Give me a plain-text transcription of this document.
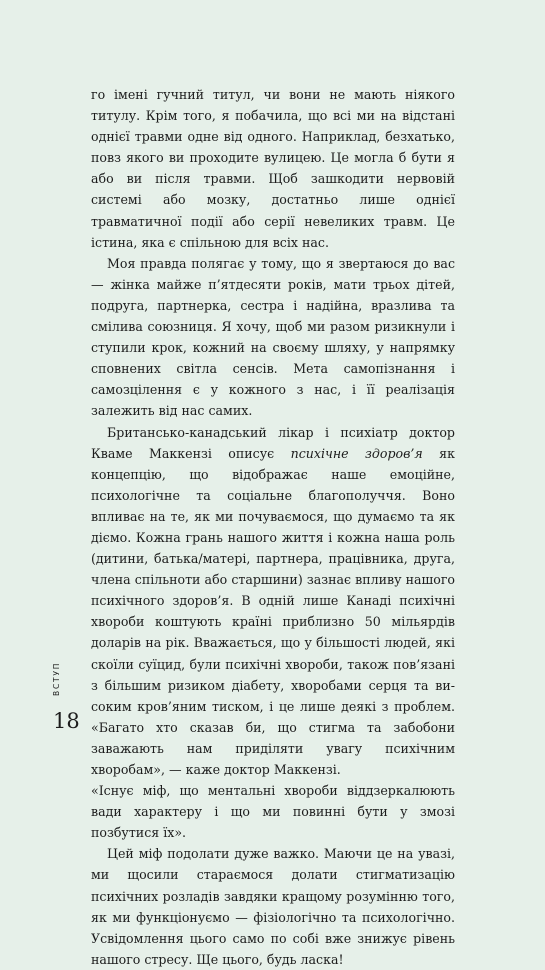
го імені гучний титул, чи вони не мають ніякого титулу. Крім того, я побачила, що всі ми на відстані однієї травми одне від одного. Наприклад, безхатько, повз якого ви проходите вулицею. Це могла б бути я або ви після травми. Щоб зашкодити нервовій системі або мозку, достатньо лише однієї травматичної події або серії невеликих травм. Це істина, яка є спільною для всіх нас.

Моя правда полягає у тому, що я звертаюся до вас — жінка майже п’ятдесяти років, мати трьох дітей, подруга, партнерка, сестра і надійна, вразлива та смілива союзниця. Я хочу, щоб ми разом ризикнули і ступили крок, кожний на своєму шляху, у напрямку сповнених світла сенсів. Мета самопізнання і самозцілення є у кожного з нас, і її реалізація залежить від нас самих.

Британсько-канадський лікар і психіатр доктор Кваме Маккензі описує психічне здоров’я як концепцію, що відображає наше емоційне, психологічне та соціальне благополуччя. Воно впливає на те, як ми почуваємося, що думаємо та як діємо. Кожна грань нашого життя і кожна наша роль (дитини, батька/матері, партнера, працівника, друга, члена спільноти або старшини) зазнає впливу нашого психічного здоров’я. В одній лише Канаді психічні хвороби коштують країні приблизно 50 мільярдів доларів на рік. Вважається, що у більшості людей, які скоїли суїцид, були психічні хвороби, також пов’язані з більшим ризиком діабету, хворобами серця та високим кров’яним тиском, і це лише деякі з проблем. «Багато хто сказав би, що стигма та забобони заважають нам приділяти увагу психічним хворобам», — каже доктор Маккензі.

«Існує міф, що ментальні хвороби віддзеркалюють вади характеру і що ми повинні бути у змозі позбутися їх».

Цей міф подолати дуже важко. Маючи це на увазі, ми щосили стараємося долати стигматизацію психічних розладів завдяки кращому розумінню того, як ми функціонуємо — фізіологічно та психологічно. Усвідомлення цього само по собі вже знижує рівень нашого стресу. Ще цього, будь ласка!

ВСТУП
18
